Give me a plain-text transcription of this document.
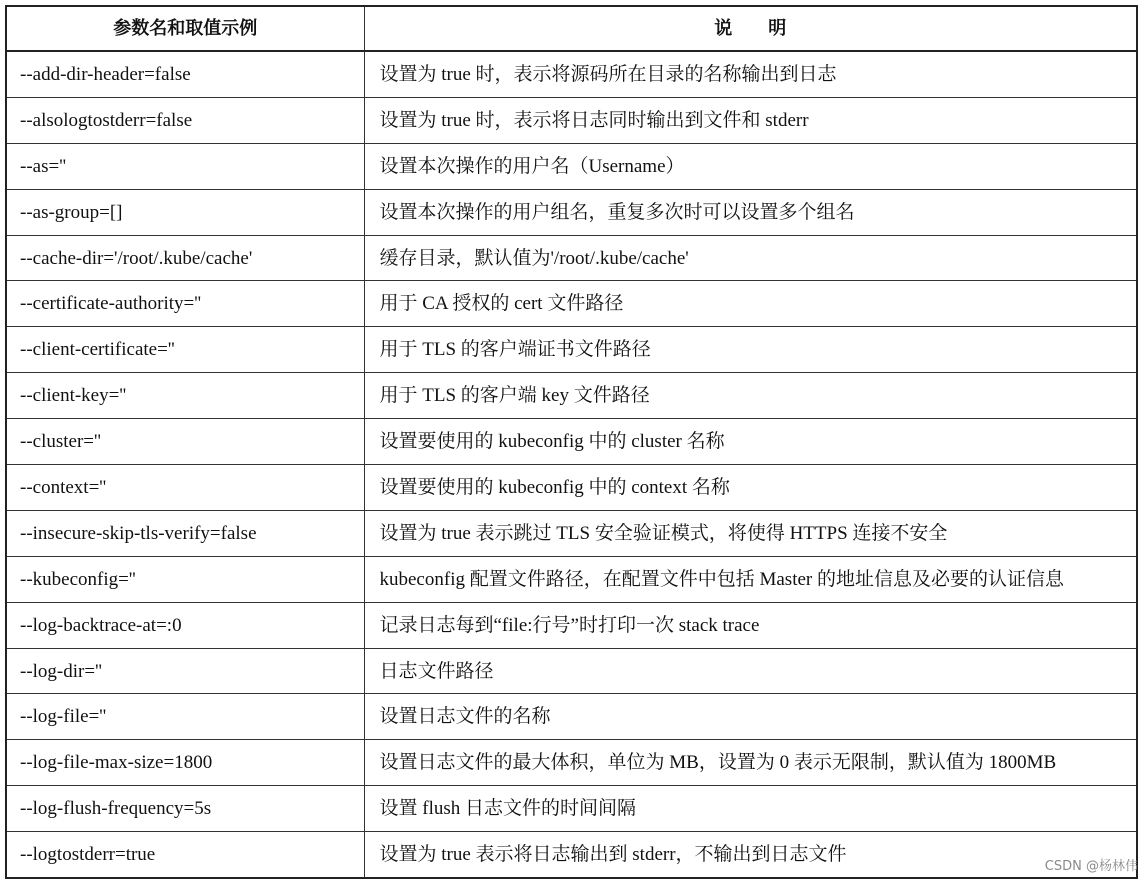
参数名和取值示例	说　　明
--add-dir-header=false	设置为 true 时，表示将源码所在目录的名称输出到日志
--alsologtostderr=false	设置为 true 时，表示将日志同时输出到文件和 stderr
--as=''	设置本次操作的用户名（Username）
--as-group=[]	设置本次操作的用户组名，重复多次时可以设置多个组名
--cache-dir='/root/.kube/cache'	缓存目录，默认值为'/root/.kube/cache'
--certificate-authority=''	用于 CA 授权的 cert 文件路径
--client-certificate=''	用于 TLS 的客户端证书文件路径
--client-key=''	用于 TLS 的客户端 key 文件路径
--cluster=''	设置要使用的 kubeconfig 中的 cluster 名称
--context=''	设置要使用的 kubeconfig 中的 context 名称
--insecure-skip-tls-verify=false	设置为 true 表示跳过 TLS 安全验证模式，将使得 HTTPS 连接不安全
--kubeconfig=''	kubeconfig 配置文件路径，在配置文件中包括 Master 的地址信息及必要的认证信息
--log-backtrace-at=:0	记录日志每到“file:行号”时打印一次 stack trace
--log-dir=''	日志文件路径
--log-file=''	设置日志文件的名称
--log-file-max-size=1800	设置日志文件的最大体积，单位为 MB，设置为 0 表示无限制，默认值为 1800MB
--log-flush-frequency=5s	设置 flush 日志文件的时间间隔
--logtostderr=true	设置为 true 表示将日志输出到 stderr，不输出到日志文件
CSDN @杨林伟
